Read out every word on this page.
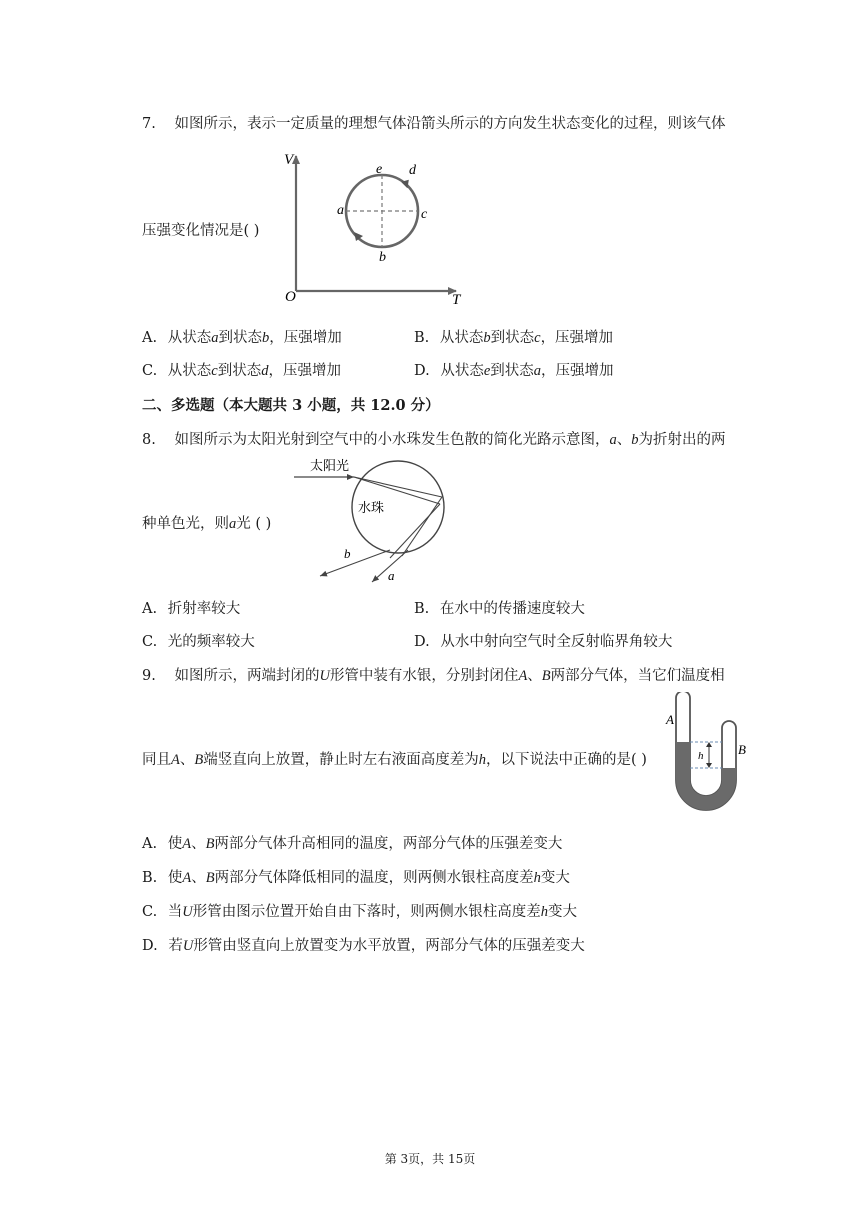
7. 如图所示，表示一定质量的理想气体沿箭头所示的方向发生状态变化的过程，则该气体
压强变化情况是( )
V
T
O
e d
a	c
b
A. 从状态a到状态b，压强增加	B. 从状态b到状态c，压强增加
C. 从状态c到状态d，压强增加	D. 从状态e到状态a，压强增加
二、多选题（本大题共 3 小题，共 12.0 分）
8. 如图所示为太阳光射到空气中的小水珠发生色散的简化光路示意图，a、b为折射出的两
种单色光，则a光 ( )
太阳光
水珠
b
a
A. 折射率较大	B. 在水中的传播速度较大
C. 光的频率较大	D. 从水中射向空气时全反射临界角较大
9. 如图所示，两端封闭的U形管中装有水银，分别封闭住A、B两部分气体，当它们温度相
同且A、B端竖直向上放置，静止时左右液面高度差为h，以下说法中正确的是( )	h
A
B
A. 使A、B两部分气体升高相同的温度，两部分气体的压强差变大
B. 使A、B两部分气体降低相同的温度，则两侧水银柱高度差h变大
C. 当U形管由图示位置开始自由下落时，则两侧水银柱高度差h变大
D. 若U形管由竖直向上放置变为水平放置，两部分气体的压强差变大
第 3页，共 15页
